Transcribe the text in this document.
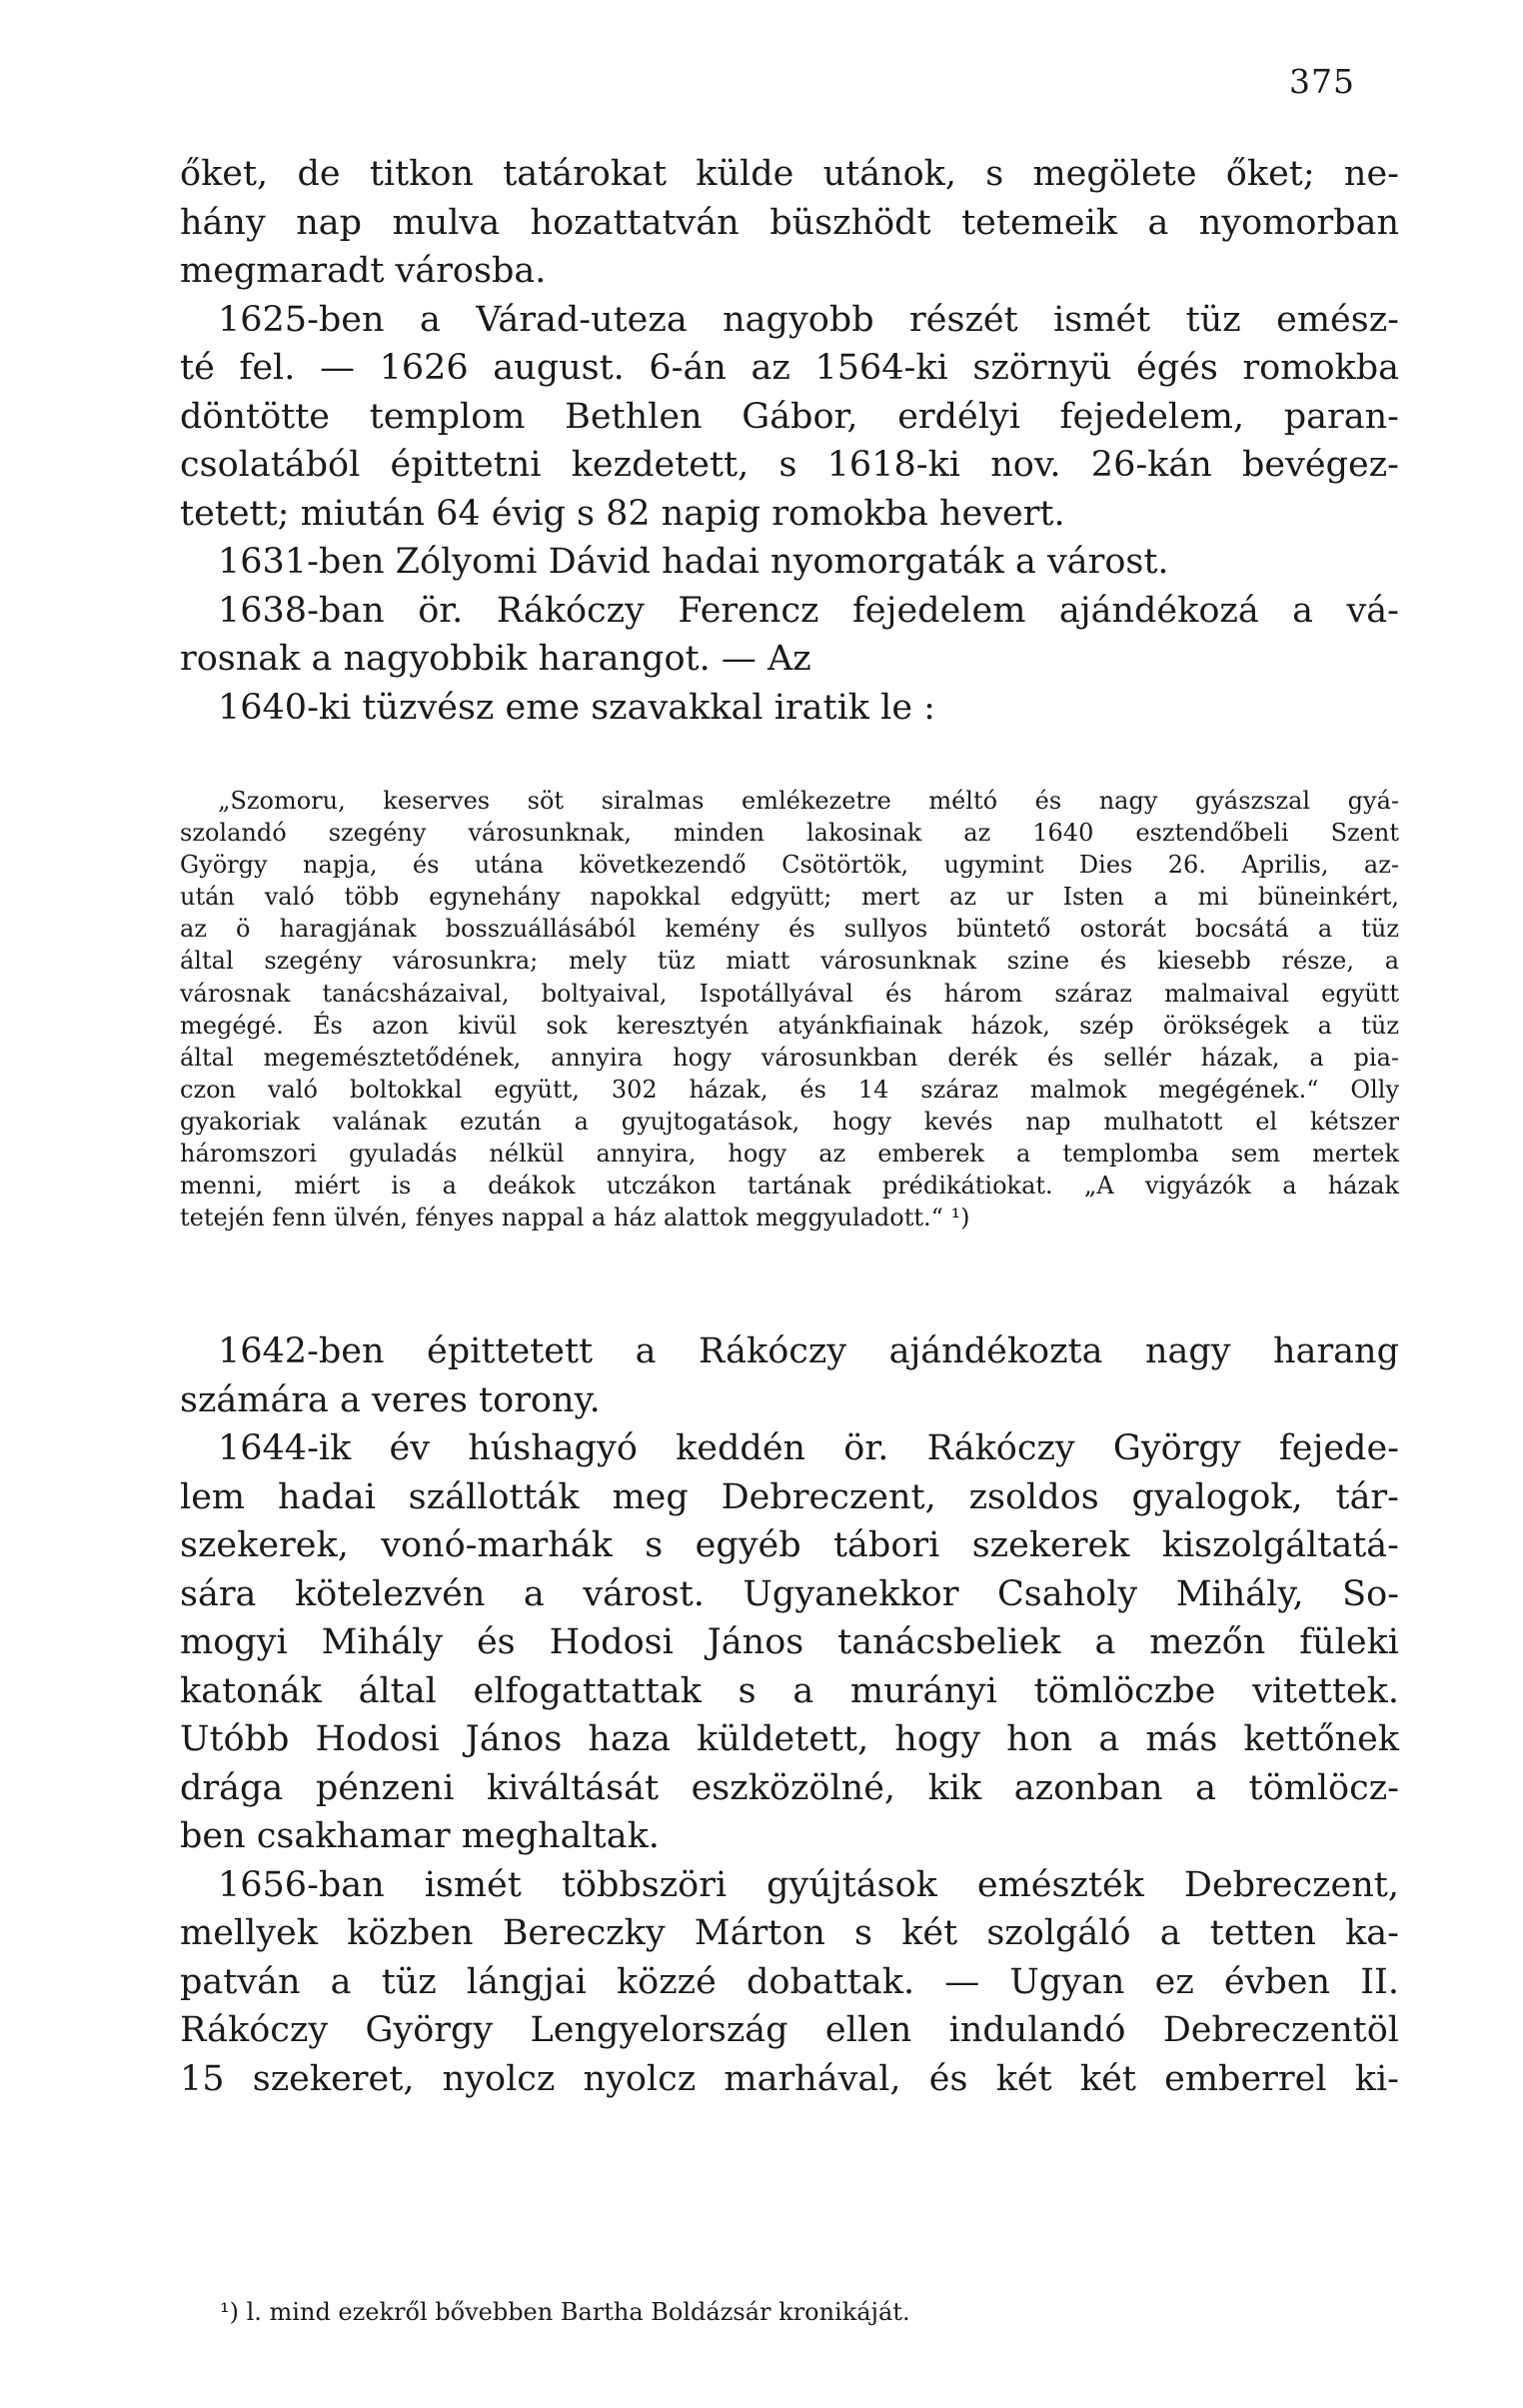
375
őket, de titkon tatárokat külde utánok, s megölete őket; ne-
hány nap mulva hozattatván büszhödt tetemeik a nyomorban
megmaradt városba.
1625-ben a Várad-uteza nagyobb részét ismét tüz emész-
té fel. — 1626 august. 6-án az 1564-ki szörnyü égés romokba
döntötte templom Bethlen Gábor, erdélyi fejedelem, paran-
csolatából épittetni kezdetett, s 1618-ki nov. 26-kán bevégez-
tetett; miután 64 évig s 82 napig romokba hevert.
1631-ben Zólyomi Dávid hadai nyomorgaták a várost.
1638-ban ör. Rákóczy Ferencz fejedelem ajándékozá a vá-
rosnak a nagyobbik harangot. — Az
1640-ki tüzvész eme szavakkal iratik le :
„Szomoru, keserves söt siralmas emlékezetre méltó és nagy gyászszal gyá-
szolandó szegény városunknak, minden lakosinak az 1640 esztendőbeli Szent
György napja, és utána következendő Csötörtök, ugymint Dies 26. Aprilis, az-
után való több egynehány napokkal edgyütt; mert az ur Isten a mi büneinkért,
az ö haragjának bosszuállásából kemény és sullyos büntető ostorát bocsátá a tüz
által szegény városunkra; mely tüz miatt városunknak szine és kiesebb része, a
városnak tanácsházaival, boltyaival, Ispotállyával és három száraz malmaival együtt
megégé. És azon kivül sok keresztyén atyánkfiainak házok, szép örökségek a tüz
által megemésztetődének, annyira hogy városunkban derék és sellér házak, a pia-
czon való boltokkal együtt, 302 házak, és 14 száraz malmok megégének.“ Olly
gyakoriak valának ezután a gyujtogatások, hogy kevés nap mulhatott el kétszer
háromszori gyuladás nélkül annyira, hogy az emberek a templomba sem mertek
menni, miért is a deákok utczákon tartának prédikátiokat. „A vigyázók a házak
tetején fenn ülvén, fényes nappal a ház alattok meggyuladott.“ ¹)
1642-ben épittetett a Rákóczy ajándékozta nagy harang
számára a veres torony.
1644-ik év húshagyó keddén ör. Rákóczy György fejede-
lem hadai szállották meg Debreczent, zsoldos gyalogok, tár-
szekerek, vonó-marhák s egyéb tábori szekerek kiszolgáltatá-
sára kötelezvén a várost. Ugyanekkor Csaholy Mihály, So-
mogyi Mihály és Hodosi János tanácsbeliek a mezőn füleki
katonák által elfogattattak s a murányi tömlöczbe vitettek.
Utóbb Hodosi János haza küldetett, hogy hon a más kettőnek
drága pénzeni kiváltását eszközölné, kik azonban a tömlöcz-
ben csakhamar meghaltak.
1656-ban ismét többszöri gyújtások emészték Debreczent,
mellyek közben Bereczky Márton s két szolgáló a tetten ka-
patván a tüz lángjai közzé dobattak. — Ugyan ez évben II.
Rákóczy György Lengyelország ellen indulandó Debreczentöl
15 szekeret, nyolcz nyolcz marhával, és két két emberrel ki-
¹) l. mind ezekről bővebben Bartha Boldázsár kronikáját.
